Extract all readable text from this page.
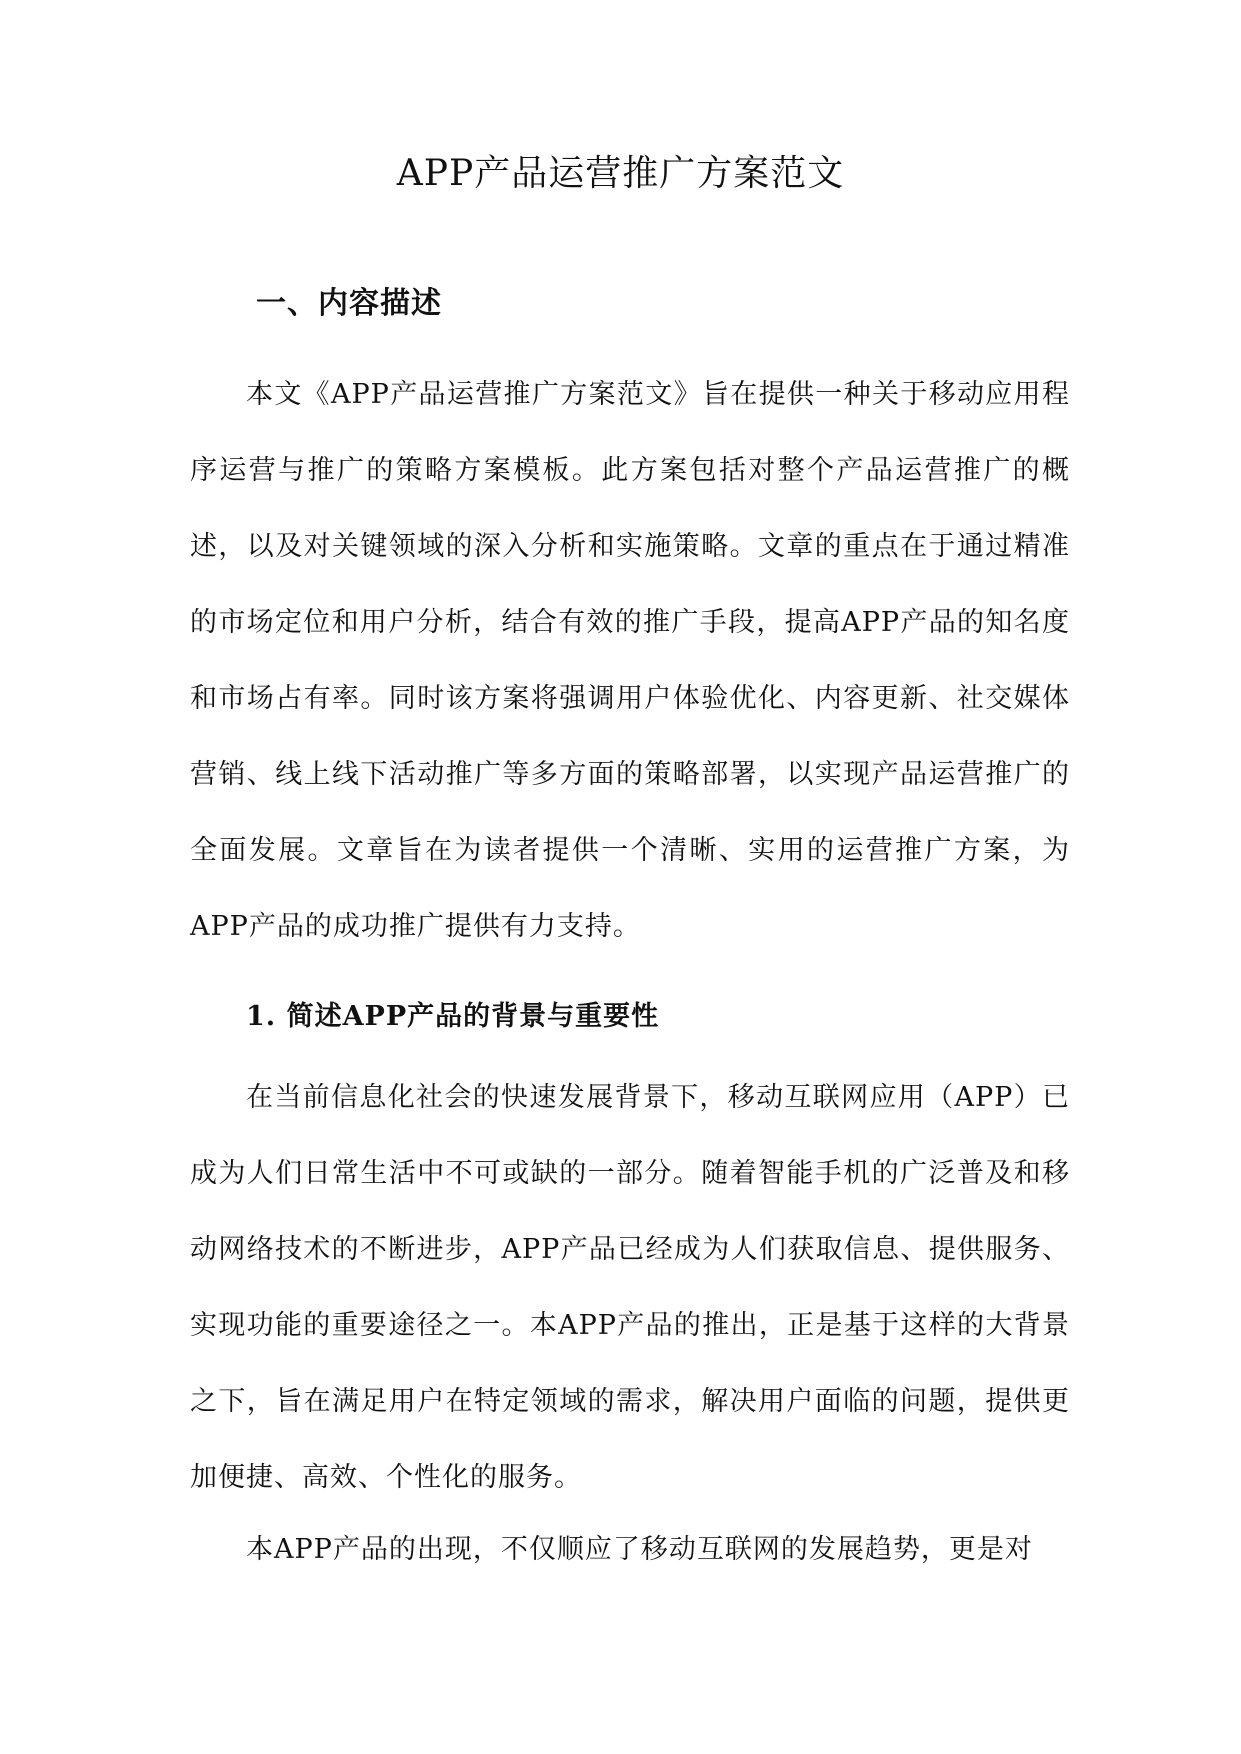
APP产品运营推广方案范文
一、内容描述

本文《APP产品运营推广方案范文》旨在提供一种关于移动应用程序运营与推广的策略方案模板。此方案包括对整个产品运营推广的概述，以及对关键领域的深入分析和实施策略。文章的重点在于通过精准的市场定位和用户分析，结合有效的推广手段，提高APP产品的知名度和市场占有率。同时该方案将强调用户体验优化、内容更新、社交媒体营销、线上线下活动推广等多方面的策略部署，以实现产品运营推广的全面发展。文章旨在为读者提供一个清晰、实用的运营推广方案，为APP产品的成功推广提供有力支持。

1. 简述APP产品的背景与重要性

在当前信息化社会的快速发展背景下，移动互联网应用（APP）已成为人们日常生活中不可或缺的一部分。随着智能手机的广泛普及和移动网络技术的不断进步，APP产品已经成为人们获取信息、提供服务、实现功能的重要途径之一。本APP产品的推出，正是基于这样的大背景之下，旨在满足用户在特定领域的需求，解决用户面临的问题，提供更加便捷、高效、个性化的服务。

本APP产品的出现，不仅顺应了移动互联网的发展趋势，更是对
